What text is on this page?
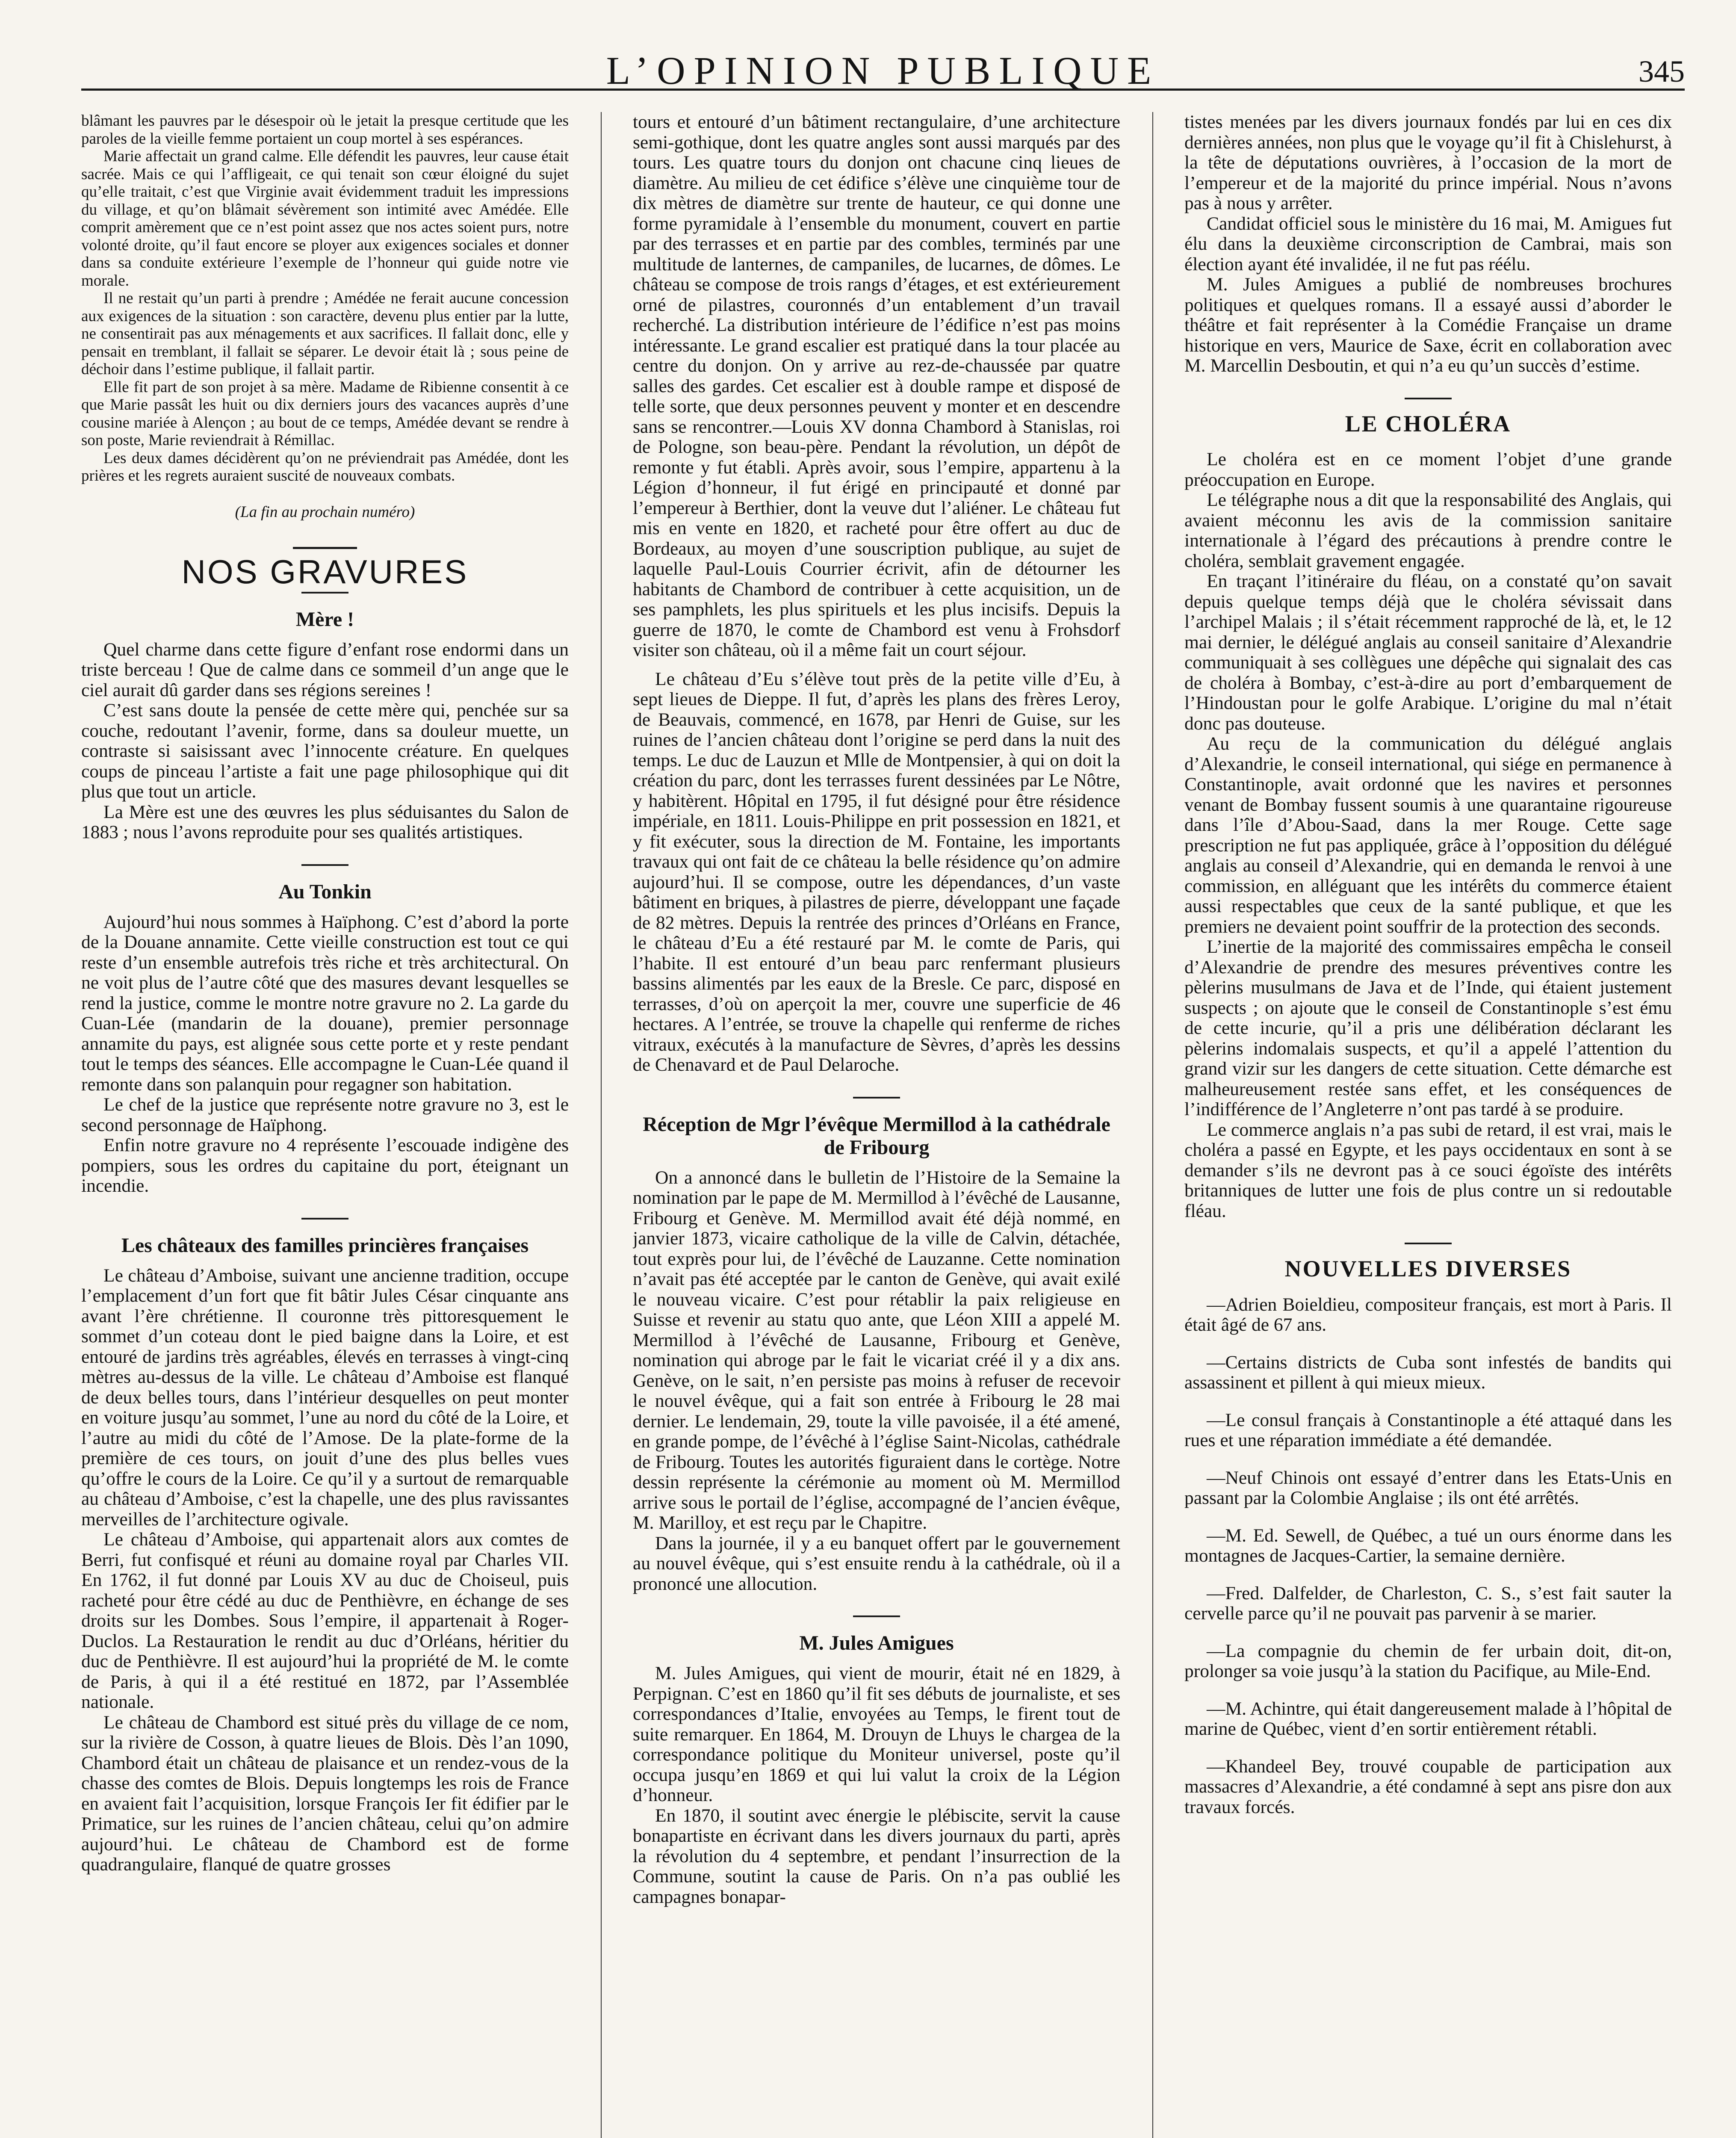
L’OPINION PUBLIQUE	345

blâmant les pauvres par le désespoir où le jetait la presque certitude que les paroles de la vieille femme portaient un coup mortel à ses espérances.

Marie affectait un grand calme. Elle défendit les pauvres, leur cause était sacrée. Mais ce qui l’affligeait, ce qui tenait son cœur éloigné du sujet qu’elle traitait, c’est que Virginie avait évidemment traduit les impressions du village, et qu’on blâmait sévèrement son intimité avec Amédée. Elle comprit amèrement que ce n’est point assez que nos actes soient purs, notre volonté droite, qu’il faut encore se ployer aux exigences sociales et donner dans sa conduite extérieure l’exemple de l’honneur qui guide notre vie morale.

Il ne restait qu’un parti à prendre ; Amédée ne ferait aucune concession aux exigences de la situation : son caractère, devenu plus entier par la lutte, ne consentirait pas aux ménagements et aux sacrifices. Il fallait donc, elle y pensait en tremblant, il fallait se séparer. Le devoir était là ; sous peine de déchoir dans l’estime publique, il fallait partir.

Elle fit part de son projet à sa mère. Madame de Ribienne consentit à ce que Marie passât les huit ou dix derniers jours des vacances auprès d’une cousine mariée à Alençon ; au bout de ce temps, Amédée devant se rendre à son poste, Marie reviendrait à Rémillac.

Les deux dames décidèrent qu’on ne préviendrait pas Amédée, dont les prières et les regrets auraient suscité de nouveaux combats.

(La fin au prochain numéro)

NOS GRAVURES
Mère !

Quel charme dans cette figure d’enfant rose endormi dans un triste berceau ! Que de calme dans ce sommeil d’un ange que le ciel aurait dû garder dans ses régions sereines !

C’est sans doute la pensée de cette mère qui, penchée sur sa couche, redoutant l’avenir, forme, dans sa douleur muette, un contraste si saisissant avec l’innocente créature. En quelques coups de pinceau l’artiste a fait une page philosophique qui dit plus que tout un article.

La Mère est une des œuvres les plus séduisantes du Salon de 1883 ; nous l’avons reproduite pour ses qualités artistiques.

Au Tonkin

Aujourd’hui nous sommes à Haïphong. C’est d’abord la porte de la Douane annamite. Cette vieille construction est tout ce qui reste d’un ensemble autrefois très riche et très architectural. On ne voit plus de l’autre côté que des masures devant lesquelles se rend la justice, comme le montre notre gravure no 2. La garde du Cuan-Lée (mandarin de la douane), premier personnage annamite du pays, est alignée sous cette porte et y reste pendant tout le temps des séances. Elle accompagne le Cuan-Lée quand il remonte dans son palanquin pour regagner son habitation.

Le chef de la justice que représente notre gravure no 3, est le second personnage de Haïphong.

Enfin notre gravure no 4 représente l’escouade indigène des pompiers, sous les ordres du capitaine du port, éteignant un incendie.

Les châteaux des familles princières françaises

Le château d’Amboise, suivant une ancienne tradition, occupe l’emplacement d’un fort que fit bâtir Jules César cinquante ans avant l’ère chrétienne. Il couronne très pittoresquement le sommet d’un coteau dont le pied baigne dans la Loire, et est entouré de jardins très agréables, élevés en terrasses à vingt-cinq mètres au-dessus de la ville. Le château d’Amboise est flanqué de deux belles tours, dans l’intérieur desquelles on peut monter en voiture jusqu’au sommet, l’une au nord du côté de la Loire, et l’autre au midi du côté de l’Amose. De la plate-forme de la première de ces tours, on jouit d’une des plus belles vues qu’offre le cours de la Loire. Ce qu’il y a surtout de remarquable au château d’Amboise, c’est la chapelle, une des plus ravissantes merveilles de l’architecture ogivale.

Le château d’Amboise, qui appartenait alors aux comtes de Berri, fut confisqué et réuni au domaine royal par Charles VII. En 1762, il fut donné par Louis XV au duc de Choiseul, puis racheté pour être cédé au duc de Penthièvre, en échange de ses droits sur les Dombes. Sous l’empire, il appartenait à Roger-Duclos. La Restauration le rendit au duc d’Orléans, héritier du duc de Penthièvre. Il est aujourd’hui la propriété de M. le comte de Paris, à qui il a été restitué en 1872, par l’Assemblée nationale.

Le château de Chambord est situé près du village de ce nom, sur la rivière de Cosson, à quatre lieues de Blois. Dès l’an 1090, Chambord était un château de plaisance et un rendez-vous de la chasse des comtes de Blois. Depuis longtemps les rois de France en avaient fait l’acquisition, lorsque François Ier fit édifier par le Primatice, sur les ruines de l’ancien château, celui qu’on admire aujourd’hui. Le château de Chambord est de forme quadrangulaire, flanqué de quatre grosses

tours et entouré d’un bâtiment rectangulaire, d’une architecture semi-gothique, dont les quatre angles sont aussi marqués par des tours. Les quatre tours du donjon ont chacune cinq lieues de diamètre. Au milieu de cet édifice s’élève une cinquième tour de dix mètres de diamètre sur trente de hauteur, ce qui donne une forme pyramidale à l’ensemble du monument, couvert en partie par des terrasses et en partie par des combles, terminés par une multitude de lanternes, de campaniles, de lucarnes, de dômes. Le château se compose de trois rangs d’étages, et est extérieurement orné de pilastres, couronnés d’un entablement d’un travail recherché. La distribution intérieure de l’édifice n’est pas moins intéressante. Le grand escalier est pratiqué dans la tour placée au centre du donjon. On y arrive au rez-de-chaussée par quatre salles des gardes. Cet escalier est à double rampe et disposé de telle sorte, que deux personnes peuvent y monter et en descendre sans se rencontrer.—Louis XV donna Chambord à Stanislas, roi de Pologne, son beau-père. Pendant la révolution, un dépôt de remonte y fut établi. Après avoir, sous l’empire, appartenu à la Légion d’honneur, il fut érigé en principauté et donné par l’empereur à Berthier, dont la veuve dut l’aliéner. Le château fut mis en vente en 1820, et racheté pour être offert au duc de Bordeaux, au moyen d’une souscription publique, au sujet de laquelle Paul-Louis Courrier écrivit, afin de détourner les habitants de Chambord de contribuer à cette acquisition, un de ses pamphlets, les plus spirituels et les plus incisifs. Depuis la guerre de 1870, le comte de Chambord est venu à Frohsdorf visiter son château, où il a même fait un court séjour.

Le château d’Eu s’élève tout près de la petite ville d’Eu, à sept lieues de Dieppe. Il fut, d’après les plans des frères Leroy, de Beauvais, commencé, en 1678, par Henri de Guise, sur les ruines de l’ancien château dont l’origine se perd dans la nuit des temps. Le duc de Lauzun et Mlle de Montpensier, à qui on doit la création du parc, dont les terrasses furent dessinées par Le Nôtre, y habitèrent. Hôpital en 1795, il fut désigné pour être résidence impériale, en 1811. Louis-Philippe en prit possession en 1821, et y fit exécuter, sous la direction de M. Fontaine, les importants travaux qui ont fait de ce château la belle résidence qu’on admire aujourd’hui. Il se compose, outre les dépendances, d’un vaste bâtiment en briques, à pilastres de pierre, développant une façade de 82 mètres. Depuis la rentrée des princes d’Orléans en France, le château d’Eu a été restauré par M. le comte de Paris, qui l’habite. Il est entouré d’un beau parc renfermant plusieurs bassins alimentés par les eaux de la Bresle. Ce parc, disposé en terrasses, d’où on aperçoit la mer, couvre une superficie de 46 hectares. A l’entrée, se trouve la chapelle qui renferme de riches vitraux, exécutés à la manufacture de Sèvres, d’après les dessins de Chenavard et de Paul Delaroche.

Réception de Mgr l’évêque Mermillod à la cathédrale de Fribourg

On a annoncé dans le bulletin de l’Histoire de la Semaine la nomination par le pape de M. Mermillod à l’évêché de Lausanne, Fribourg et Genève. M. Mermillod avait été déjà nommé, en janvier 1873, vicaire catholique de la ville de Calvin, détachée, tout exprès pour lui, de l’évêché de Lauzanne. Cette nomination n’avait pas été acceptée par le canton de Genève, qui avait exilé le nouveau vicaire. C’est pour rétablir la paix religieuse en Suisse et revenir au statu quo ante, que Léon XIII a appelé M. Mermillod à l’évêché de Lausanne, Fribourg et Genève, nomination qui abroge par le fait le vicariat créé il y a dix ans. Genève, on le sait, n’en persiste pas moins à refuser de recevoir le nouvel évêque, qui a fait son entrée à Fribourg le 28 mai dernier. Le lendemain, 29, toute la ville pavoisée, il a été amené, en grande pompe, de l’évêché à l’église Saint-Nicolas, cathédrale de Fribourg. Toutes les autorités figuraient dans le cortège. Notre dessin représente la cérémonie au moment où M. Mermillod arrive sous le portail de l’église, accompagné de l’ancien évêque, M. Marilloy, et est reçu par le Chapitre.

Dans la journée, il y a eu banquet offert par le gouvernement au nouvel évêque, qui s’est ensuite rendu à la cathédrale, où il a prononcé une allocution.

M. Jules Amigues

M. Jules Amigues, qui vient de mourir, était né en 1829, à Perpignan. C’est en 1860 qu’il fit ses débuts de journaliste, et ses correspondances d’Italie, envoyées au Temps, le firent tout de suite remarquer. En 1864, M. Drouyn de Lhuys le chargea de la correspondance politique du Moniteur universel, poste qu’il occupa jusqu’en 1869 et qui lui valut la croix de la Légion d’honneur.

En 1870, il soutint avec énergie le plébiscite, servit la cause bonapartiste en écrivant dans les divers journaux du parti, après la révolution du 4 septembre, et pendant l’insurrection de la Commune, soutint la cause de Paris. On n’a pas oublié les campagnes bonapar-

tistes menées par les divers journaux fondés par lui en ces dix dernières années, non plus que le voyage qu’il fit à Chislehurst, à la tête de députations ouvrières, à l’occasion de la mort de l’empereur et de la majorité du prince impérial. Nous n’avons pas à nous y arrêter.

Candidat officiel sous le ministère du 16 mai, M. Amigues fut élu dans la deuxième circonscription de Cambrai, mais son élection ayant été invalidée, il ne fut pas réélu.

M. Jules Amigues a publié de nombreuses brochures politiques et quelques romans. Il a essayé aussi d’aborder le théâtre et fait représenter à la Comédie Française un drame historique en vers, Maurice de Saxe, écrit en collaboration avec M. Marcellin Desboutin, et qui n’a eu qu’un succès d’estime.

LE CHOLÉRA

Le choléra est en ce moment l’objet d’une grande préoccupation en Europe.

Le télégraphe nous a dit que la responsabilité des Anglais, qui avaient méconnu les avis de la commission sanitaire internationale à l’égard des précautions à prendre contre le choléra, semblait gravement engagée.

En traçant l’itinéraire du fléau, on a constaté qu’on savait depuis quelque temps déjà que le choléra sévissait dans l’archipel Malais ; il s’était récemment rapproché de là, et, le 12 mai dernier, le délégué anglais au conseil sanitaire d’Alexandrie communiquait à ses collègues une dépêche qui signalait des cas de choléra à Bombay, c’est-à-dire au port d’embarquement de l’Hindoustan pour le golfe Arabique. L’origine du mal n’était donc pas douteuse.

Au reçu de la communication du délégué anglais d’Alexandrie, le conseil international, qui siége en permanence à Constantinople, avait ordonné que les navires et personnes venant de Bombay fussent soumis à une quarantaine rigoureuse dans l’île d’Abou-Saad, dans la mer Rouge. Cette sage prescription ne fut pas appliquée, grâce à l’opposition du délégué anglais au conseil d’Alexandrie, qui en demanda le renvoi à une commission, en alléguant que les intérêts du commerce étaient aussi respectables que ceux de la santé publique, et que les premiers ne devaient point souffrir de la protection des seconds.

L’inertie de la majorité des commissaires empêcha le conseil d’Alexandrie de prendre des mesures préventives contre les pèlerins musulmans de Java et de l’Inde, qui étaient justement suspects ; on ajoute que le conseil de Constantinople s’est ému de cette incurie, qu’il a pris une délibération déclarant les pèlerins indomalais suspects, et qu’il a appelé l’attention du grand vizir sur les dangers de cette situation. Cette démarche est malheureusement restée sans effet, et les conséquences de l’indifférence de l’Angleterre n’ont pas tardé à se produire.

Le commerce anglais n’a pas subi de retard, il est vrai, mais le choléra a passé en Egypte, et les pays occidentaux en sont à se demander s’ils ne devront pas à ce souci égoïste des intérêts britanniques de lutter une fois de plus contre un si redoutable fléau.

NOUVELLES DIVERSES

—Adrien Boieldieu, compositeur français, est mort à Paris. Il était âgé de 67 ans.

—Certains districts de Cuba sont infestés de bandits qui assassinent et pillent à qui mieux mieux.

—Le consul français à Constantinople a été attaqué dans les rues et une réparation immédiate a été demandée.

—Neuf Chinois ont essayé d’entrer dans les Etats-Unis en passant par la Colombie Anglaise ; ils ont été arrêtés.

—M. Ed. Sewell, de Québec, a tué un ours énorme dans les montagnes de Jacques-Cartier, la semaine dernière.

—Fred. Dalfelder, de Charleston, C. S., s’est fait sauter la cervelle parce qu’il ne pouvait pas parvenir à se marier.

—La compagnie du chemin de fer urbain doit, dit-on, prolonger sa voie jusqu’à la station du Pacifique, au Mile-End.

—M. Achintre, qui était dangereusement malade à l’hôpital de marine de Québec, vient d’en sortir entièrement rétabli.

—Khandeel Bey, trouvé coupable de participation aux massacres d’Alexandrie, a été condamné à sept ans pisre don aux travaux forcés.
